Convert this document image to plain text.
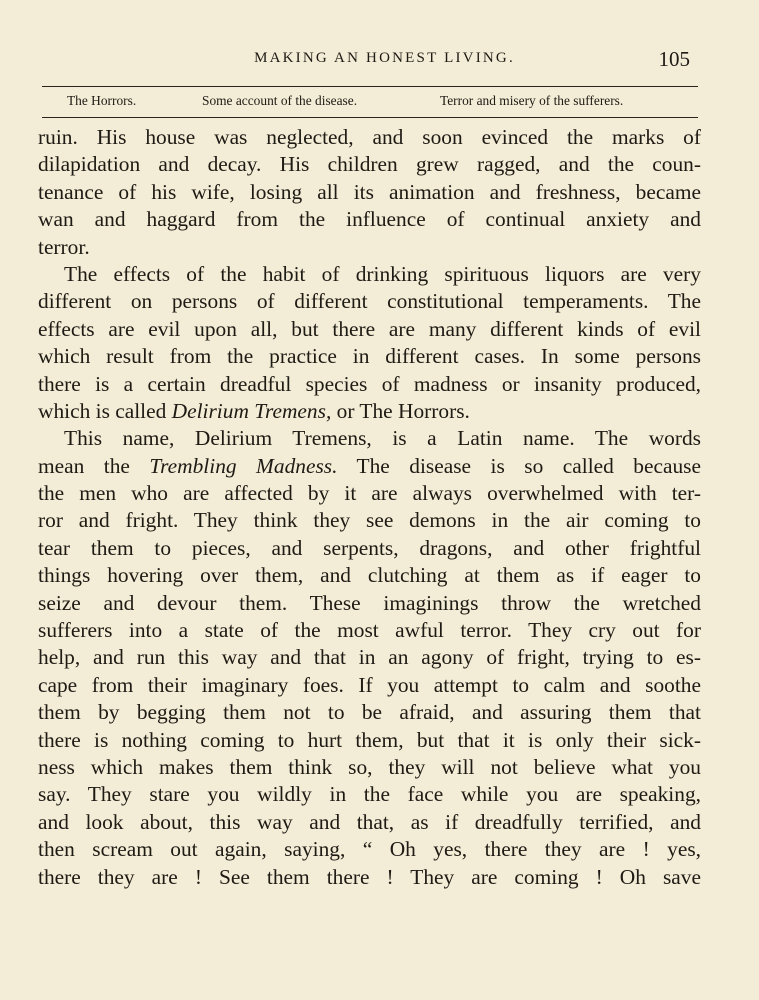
MAKING AN HONEST LIVING.	105
The Horrors.	Some account of the disease.	Terror and misery of the sufferers.
ruin. His house was neglected, and soon evinced the marks of
dilapidation and decay. His children grew ragged, and the coun-
tenance of his wife, losing all its animation and freshness, became
wan and haggard from the influence of continual anxiety and
terror.
The effects of the habit of drinking spirituous liquors are very
different on persons of different constitutional temperaments. The
effects are evil upon all, but there are many different kinds of evil
which result from the practice in different cases. In some persons
there is a certain dreadful species of madness or insanity produced,
which is called Delirium Tremens, or The Horrors.
This name, Delirium Tremens, is a Latin name. The words
mean the Trembling Madness. The disease is so called because
the men who are affected by it are always overwhelmed with ter-
ror and fright. They think they see demons in the air coming to
tear them to pieces, and serpents, dragons, and other frightful
things hovering over them, and clutching at them as if eager to
seize and devour them. These imaginings throw the wretched
sufferers into a state of the most awful terror. They cry out for
help, and run this way and that in an agony of fright, trying to es-
cape from their imaginary foes. If you attempt to calm and soothe
them by begging them not to be afraid, and assuring them that
there is nothing coming to hurt them, but that it is only their sick-
ness which makes them think so, they will not believe what you
say. They stare you wildly in the face while you are speaking,
and look about, this way and that, as if dreadfully terrified, and
then scream out again, saying, “ Oh yes, there they are ! yes,
there they are ! See them there ! They are coming ! Oh save
